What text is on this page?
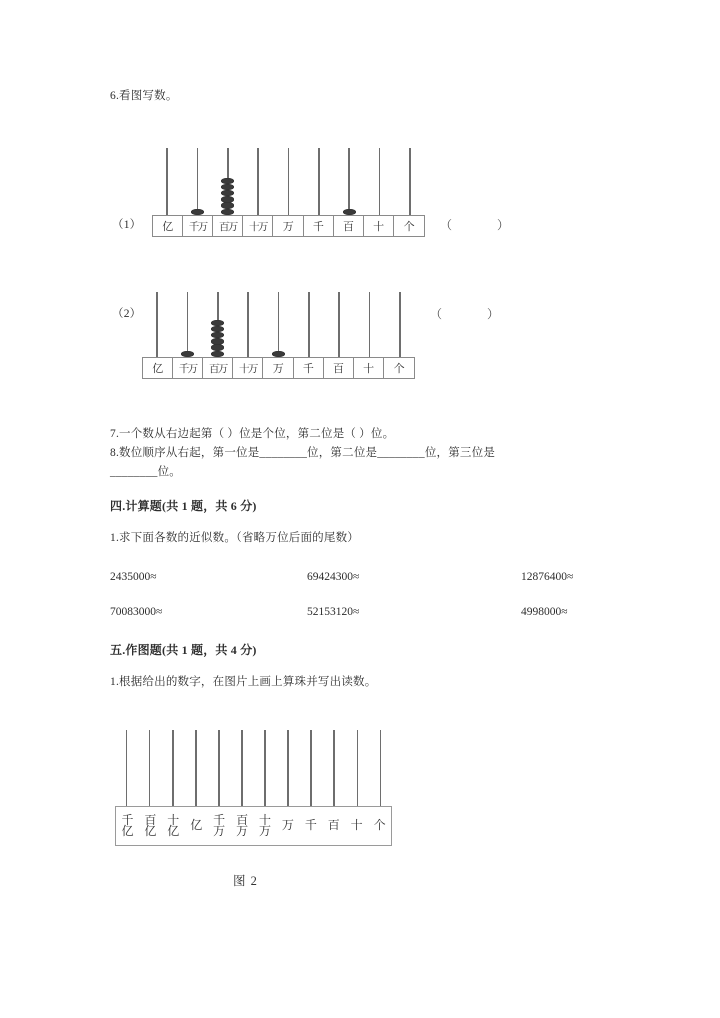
6.看图写数。
（1）	亿	千万	百万	十万	万	千	百	十	个	（	）
（2）
亿	千万	百万	十万	万	千	百	十	个
（	）
7.一个数从右边起第（ ）位是个位，第二位是（ ）位。
8.数位顺序从右起，第一位是________位，第二位是________位，第三位是
________位。
四.计算题(共 1 题，共 6 分)
1.求下面各数的近似数。（省略万位后面的尾数）
2435000≈	69424300≈	12876400≈
70083000≈	52153120≈	4998000≈
五.作图题(共 1 题，共 4 分)
1.根据给出的数字，在图片上画上算珠并写出读数。
千
亿
百
亿
十
亿 亿 千
万
百
万
十
万 万 千 百 十 个
图 2
